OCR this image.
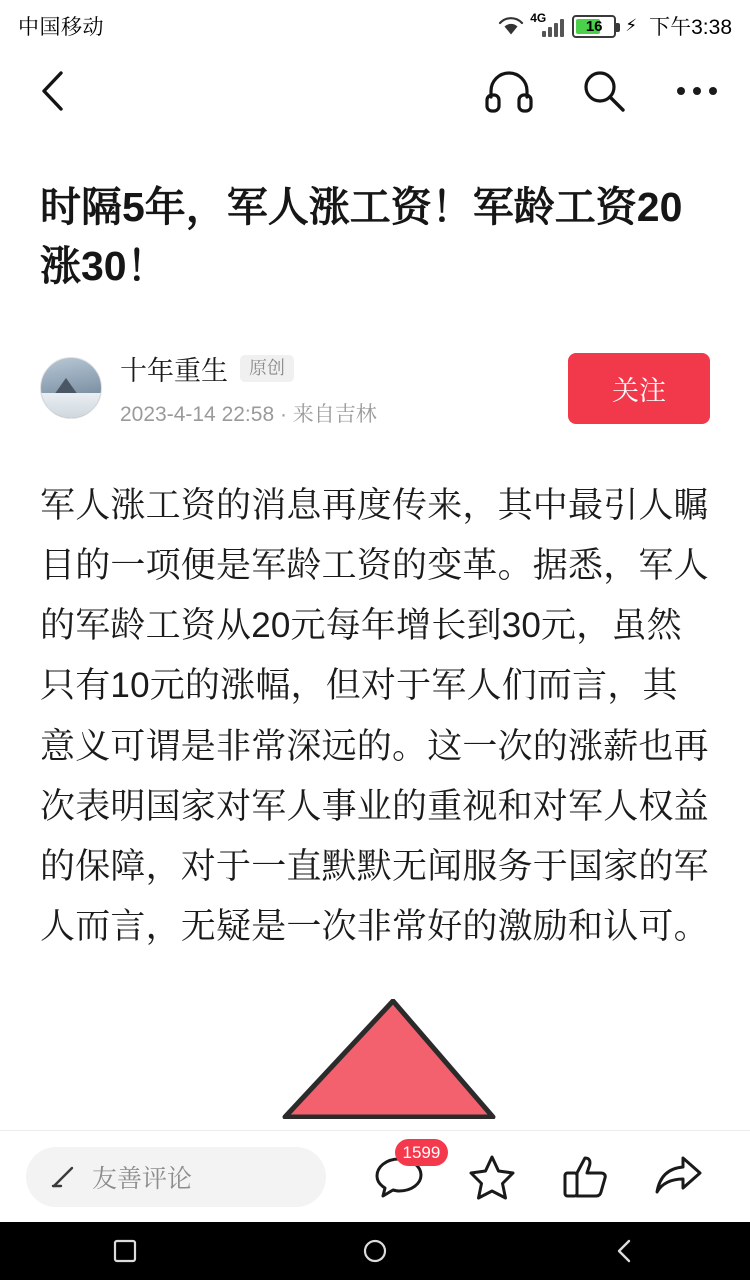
中国移动	4G	16 ⚡ 下午3:38
时隔5年，军人涨工资！军龄工资20涨30！
十年重生	原创
2023-4-14 22:58 · 来自吉林
关注

军人涨工资的消息再度传来，其中最引人瞩目的一项便是军龄工资的变革。据悉，军人的军龄工资从20元每年增长到30元，虽然只有10元的涨幅，但对于军人们而言，其意义可谓是非常深远的。这一次的涨薪也再次表明国家对军人事业的重视和对军人权益的保障，对于一直默默无闻服务于国家的军人而言，无疑是一次非常好的激励和认可。

友善评论
1599
